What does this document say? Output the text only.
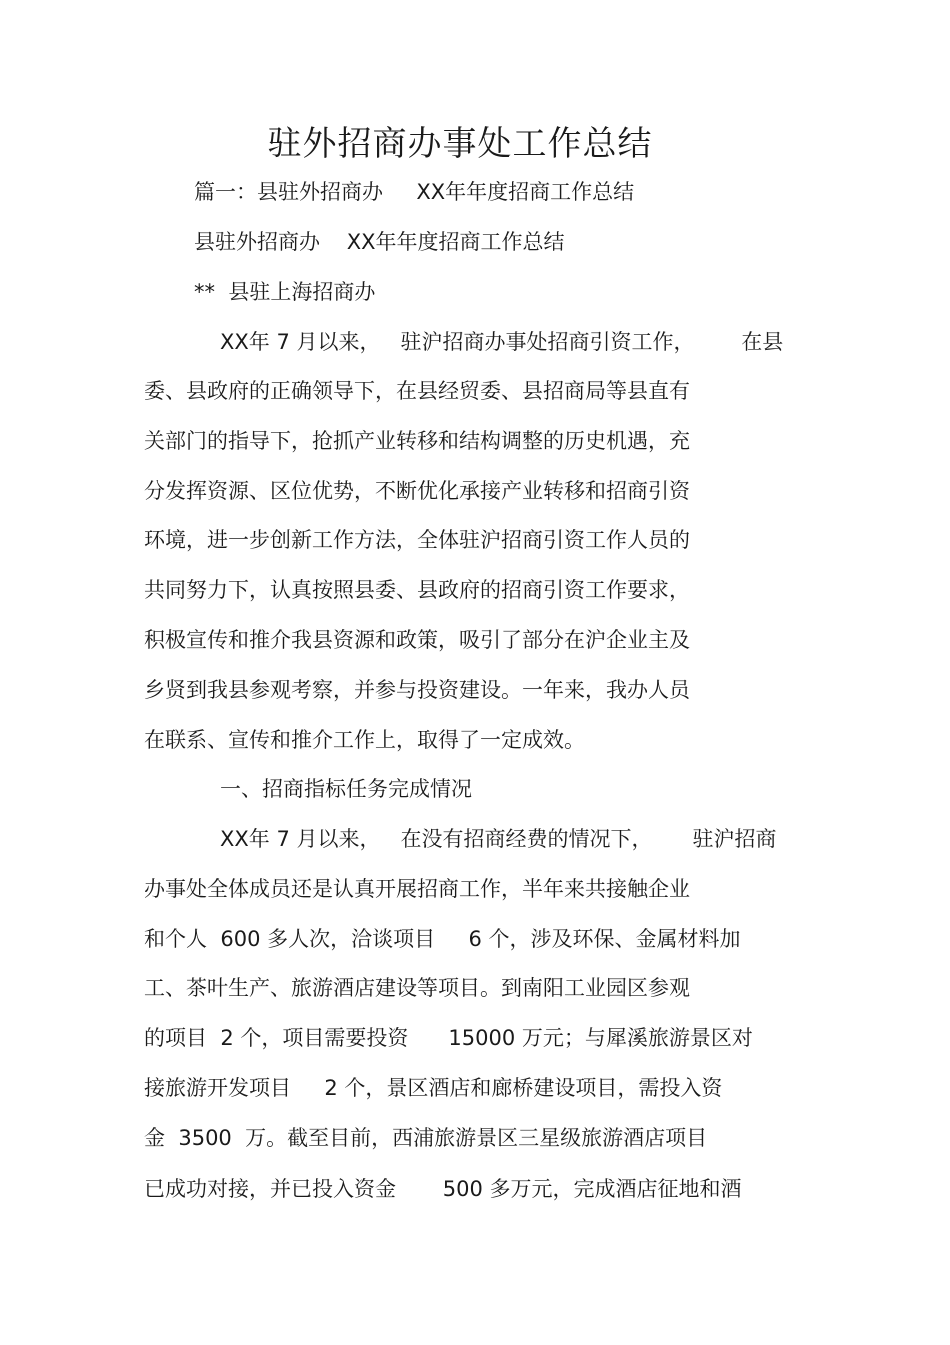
驻外招商办事处工作总结
篇一：县驻外招商办     XX年年度招商工作总结
县驻外招商办    XX年年度招商工作总结
**  县驻上海招商办
XX年 7 月以来，   驻沪招商办事处招商引资工作，       在县
委、县政府的正确领导下，在县经贸委、县招商局等县直有
关部门的指导下，抢抓产业转移和结构调整的历史机遇，充
分发挥资源、区位优势，不断优化承接产业转移和招商引资
环境，进一步创新工作方法，全体驻沪招商引资工作人员的
共同努力下，认真按照县委、县政府的招商引资工作要求，
积极宣传和推介我县资源和政策，吸引了部分在沪企业主及
乡贤到我县参观考察，并参与投资建设。一年来，我办人员
在联系、宣传和推介工作上，取得了一定成效。
一、招商指标任务完成情况
XX年 7 月以来，   在没有招商经费的情况下，      驻沪招商
办事处全体成员还是认真开展招商工作，半年来共接触企业
和个人  600 多人次，洽谈项目     6 个，涉及环保、金属材料加
工、茶叶生产、旅游酒店建设等项目。到南阳工业园区参观
的项目  2 个，项目需要投资      15000 万元；与犀溪旅游景区对
接旅游开发项目     2 个，景区酒店和廊桥建设项目，需投入资
金  3500  万。截至目前，西浦旅游景区三星级旅游酒店项目
已成功对接，并已投入资金       500 多万元，完成酒店征地和酒
